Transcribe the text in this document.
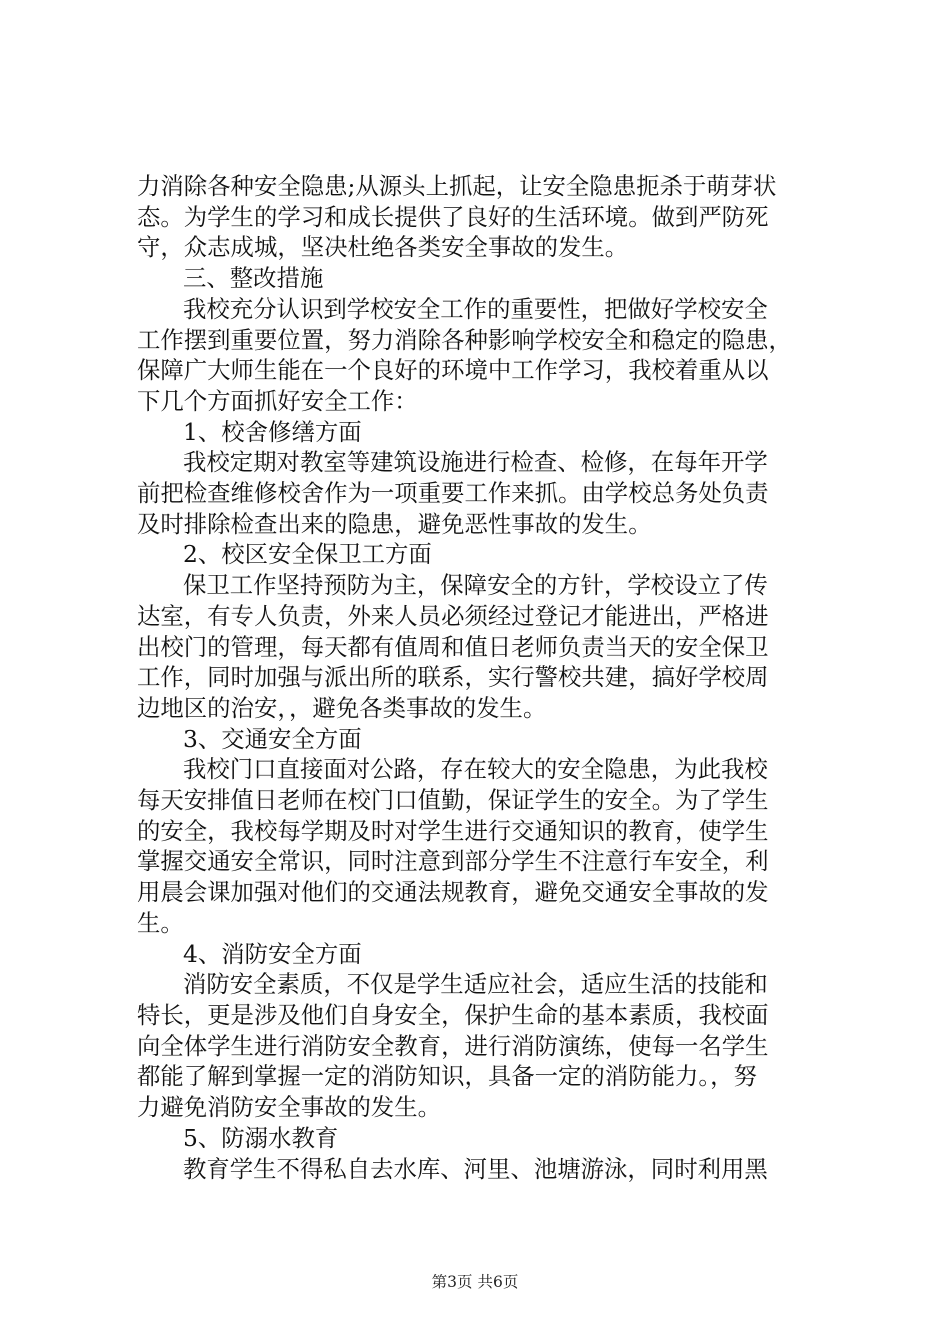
力消除各种安全隐患;从源头上抓起，让安全隐患扼杀于萌芽状
态。为学生的学习和成长提供了良好的生活环境。做到严防死
守，众志成城，坚决杜绝各类安全事故的发生。
三、整改措施
我校充分认识到学校安全工作的重要性，把做好学校安全
工作摆到重要位置，努力消除各种影响学校安全和稳定的隐患，
保障广大师生能在一个良好的环境中工作学习，我校着重从以
下几个方面抓好安全工作：
1、校舍修缮方面
我校定期对教室等建筑设施进行检查、检修，在每年开学
前把检查维修校舍作为一项重要工作来抓。由学校总务处负责
及时排除检查出来的隐患，避免恶性事故的发生。
2、校区安全保卫工方面
保卫工作坚持预防为主，保障安全的方针，学校设立了传
达室，有专人负责，外来人员必须经过登记才能进出，严格进
出校门的管理，每天都有值周和值日老师负责当天的安全保卫
工作，同时加强与派出所的联系，实行警校共建，搞好学校周
边地区的治安，，避免各类事故的发生。
3、交通安全方面
我校门口直接面对公路，存在较大的安全隐患，为此我校
每天安排值日老师在校门口值勤，保证学生的安全。为了学生
的安全，我校每学期及时对学生进行交通知识的教育，使学生
掌握交通安全常识，同时注意到部分学生不注意行车安全，利
用晨会课加强对他们的交通法规教育，避免交通安全事故的发
生。
4、消防安全方面
消防安全素质，不仅是学生适应社会，适应生活的技能和
特长，更是涉及他们自身安全，保护生命的基本素质，我校面
向全体学生进行消防安全教育，进行消防演练，使每一名学生
都能了解到掌握一定的消防知识，具备一定的消防能力。，努
力避免消防安全事故的发生。
5、防溺水教育
教育学生不得私自去水库、河里、池塘游泳，同时利用黑
第3页 共6页
